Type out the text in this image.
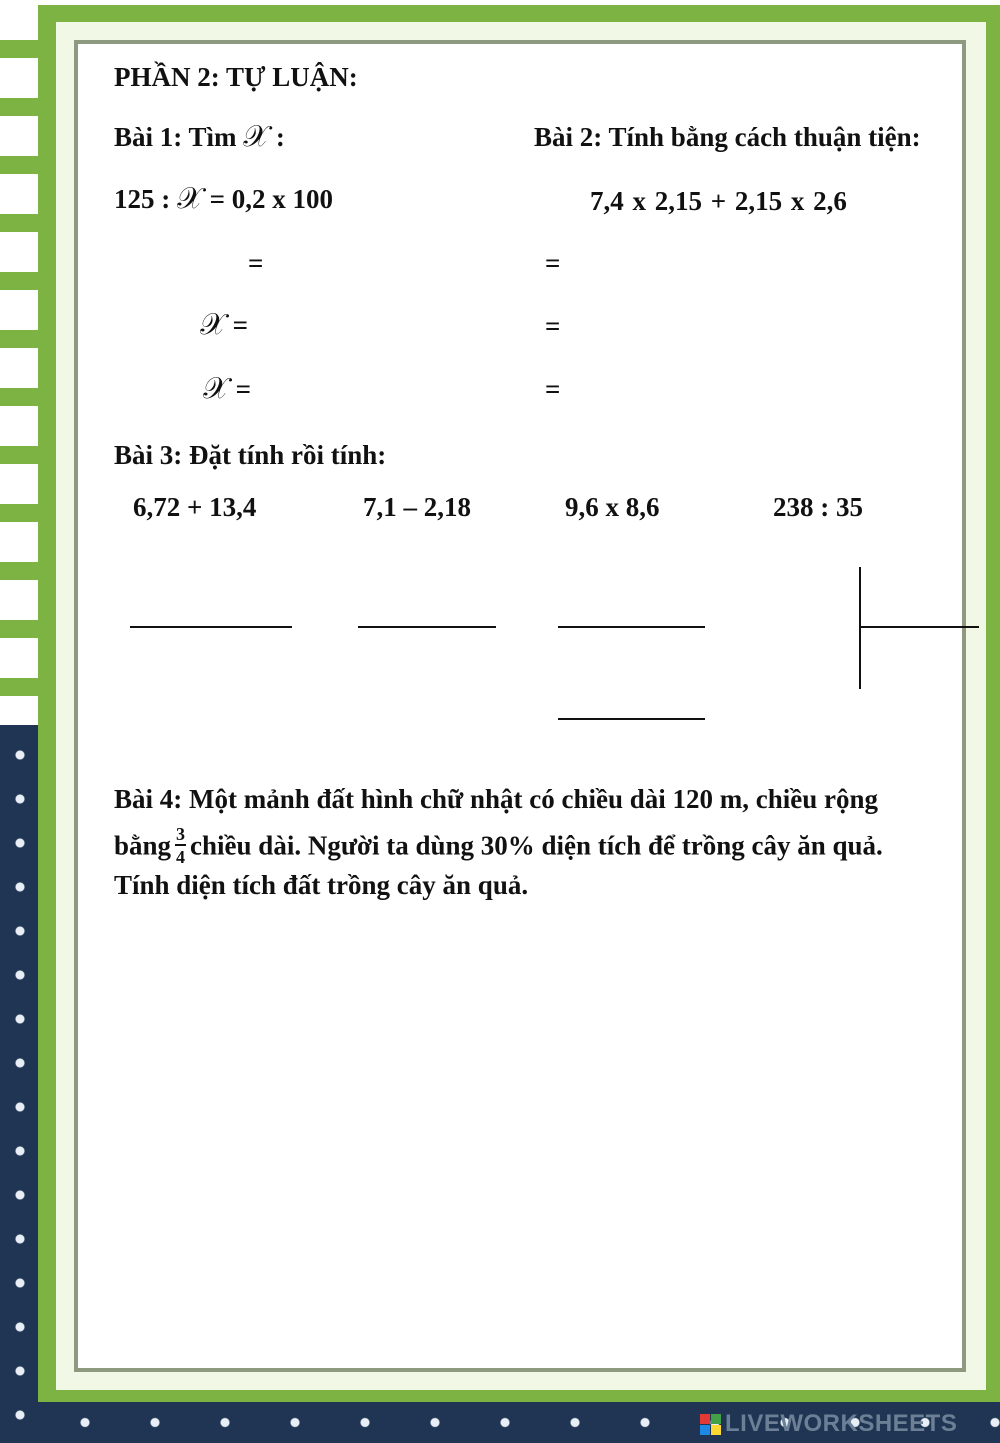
PHẦN 2: TỰ LUẬN:
Bài 1: Tìm 𝒳 :
125 : 𝒳 = 0,2 x 100
=
𝒳 =
𝒳 =
Bài 2: Tính bằng cách thuận tiện:
7,4 x 2,15 + 2,15 x 2,6
=
=
=
Bài 3: Đặt tính rồi tính:
6,72 + 13,4	7,1 – 2,18	9,6 x 8,6	238 : 35
Bài 4: Một mảnh đất hình chữ nhật có chiều dài 120 m, chiều rộng
bằng $\frac{3}{4}$ chiều dài. Người ta dùng 30% diện tích để trồng cây ăn quả.
Tính diện tích đất trồng cây ăn quả.
LIVEWORKSHEETS
